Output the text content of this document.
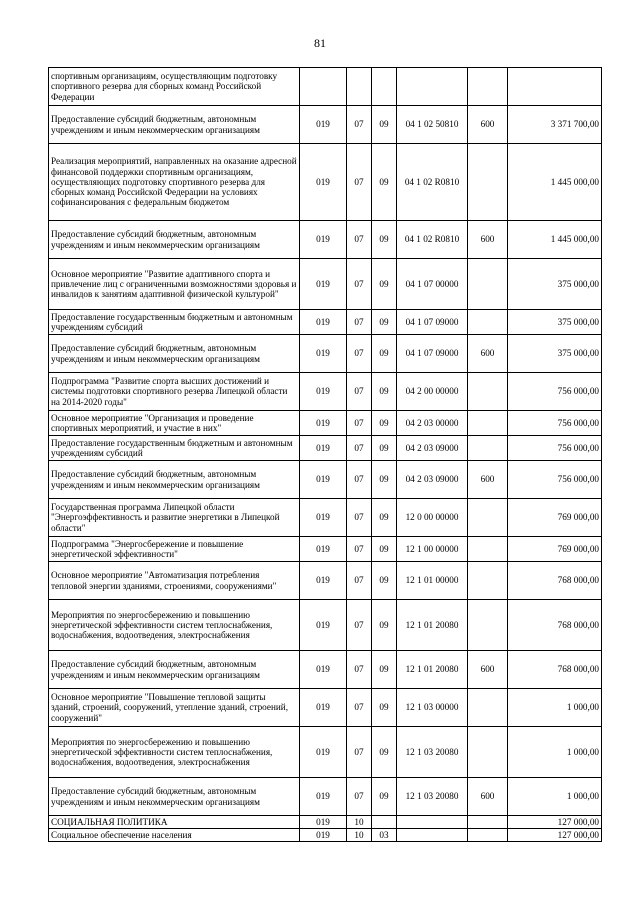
81
спортивным организациям, осуществляющим подготовку спортивного резерва для сборных команд Российской Федерации						
Предоставление субсидий бюджетным, автономным учреждениям и иным некоммерческим организациям	019	07	09	04 1 02 50810	600	3 371 700,00
Реализация мероприятий, направленных на оказание адресной финансовой поддержки спортивным организациям, осуществляющих подготовку спортивного резерва для сборных команд Российской Федерации на условиях софинансирования с федеральным бюджетом	019	07	09	04 1 02 R0810		1 445 000,00
Предоставление субсидий бюджетным, автономным учреждениям и иным некоммерческим организациям	019	07	09	04 1 02 R0810	600	1 445 000,00
Основное мероприятие "Развитие адаптивного спорта и привлечение лиц с ограниченными возможностями здоровья и инвалидов к занятиям адаптивной физической культурой"	019	07	09	04 1 07 00000		375 000,00
Предоставление государственным бюджетным и автономным учреждениям субсидий	019	07	09	04 1 07 09000		375 000,00
Предоставление субсидий бюджетным, автономным учреждениям и иным некоммерческим организациям	019	07	09	04 1 07 09000	600	375 000,00
Подпрограмма "Развитие спорта высших достижений и системы подготовки спортивного резерва Липецкой области на 2014-2020 годы"	019	07	09	04 2 00 00000		756 000,00
Основное мероприятие "Организация и проведение спортивных мероприятий, и участие в них"	019	07	09	04 2 03 00000		756 000,00
Предоставление государственным бюджетным и автономным учреждениям субсидий	019	07	09	04 2 03 09000		756 000,00
Предоставление субсидий бюджетным, автономным учреждениям и иным некоммерческим организациям	019	07	09	04 2 03 09000	600	756 000,00
Государственная программа Липецкой области "Энергоэффективность и развитие энергетики в Липецкой области"	019	07	09	12 0 00 00000		769 000,00
Подпрограмма "Энергосбережение и повышение энергетической эффективности"	019	07	09	12 1 00 00000		769 000,00
Основное мероприятие "Автоматизация потребления тепловой энергии зданиями, строениями, сооружениями"	019	07	09	12 1 01 00000		768 000,00
Мероприятия по энергосбережению и повышению энергетической эффективности систем теплоснабжения, водоснабжения, водоотведения, электроснабжения	019	07	09	12 1 01 20080		768 000,00
Предоставление субсидий бюджетным, автономным учреждениям и иным некоммерческим организациям	019	07	09	12 1 01 20080	600	768 000,00
Основное мероприятие "Повышение тепловой защиты зданий, строений, сооружений, утепление зданий, строений, сооружений"	019	07	09	12 1 03 00000		1 000,00
Мероприятия по энергосбережению и повышению энергетической эффективности систем теплоснабжения, водоснабжения, водоотведения, электроснабжения	019	07	09	12 1 03 20080		1 000,00
Предоставление субсидий бюджетным, автономным учреждениям и иным некоммерческим организациям	019	07	09	12 1 03 20080	600	1 000,00
СОЦИАЛЬНАЯ ПОЛИТИКА	019	10				127 000,00
Социальное обеспечение населения	019	10	03			127 000,00
